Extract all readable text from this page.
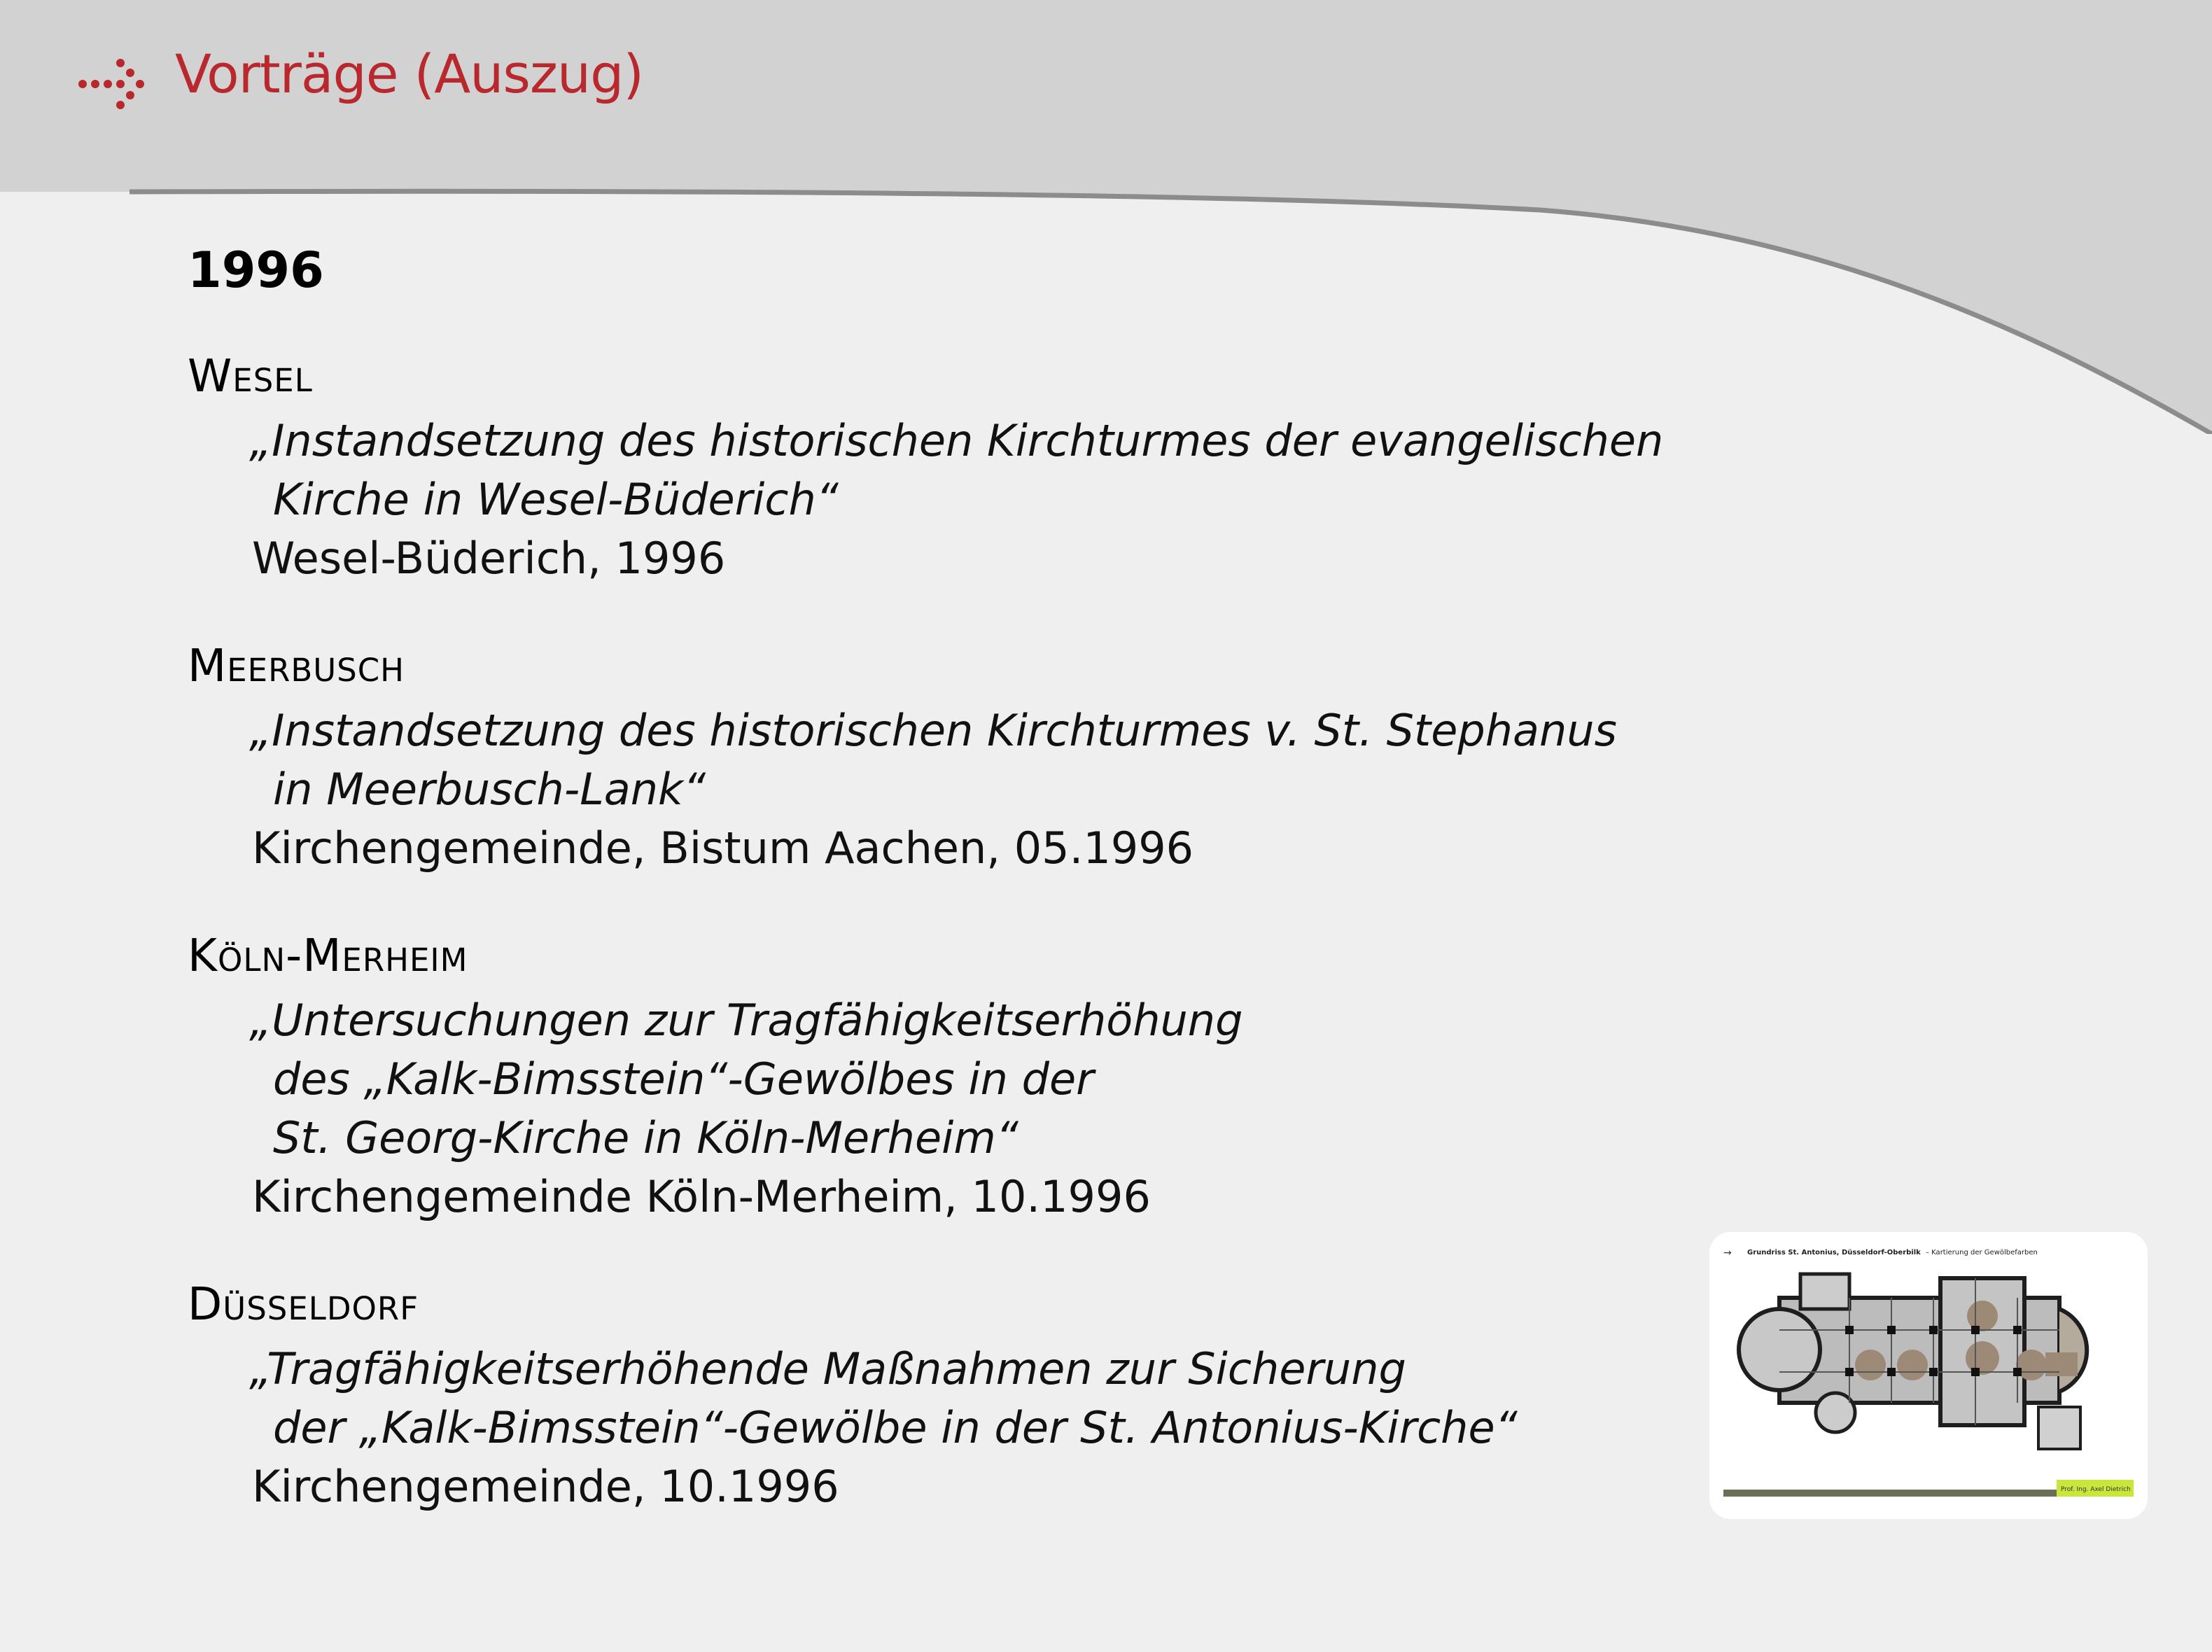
Vorträge (Auszug)
1996
Wesel
„Instandsetzung des historischen Kirchturmes der evangelischen
Kirche in Wesel-Büderich“
Wesel-Büderich, 1996
Meerbusch
„Instandsetzung des historischen Kirchturmes v. St. Stephanus
in Meerbusch-Lank“
Kirchengemeinde, Bistum Aachen, 05.1996
Köln-Merheim
„Untersuchungen zur Tragfähigkeitserhöhung
des „Kalk-Bimsstein“-Gewölbes in der
St. Georg-Kirche in Köln-Merheim“
Kirchengemeinde Köln-Merheim, 10.1996
Düsseldorf
„Tragfähigkeitserhöhende Maßnahmen zur Sicherung
der „Kalk-Bimsstein“-Gewölbe in der St. Antonius-Kirche“
Kirchengemeinde, 10.1996
→ Grundriss St. Antonius, Düsseldorf-Oberbilk – Kartierung der Gewölbefarben
Prof. Ing. Axel Dietrich
